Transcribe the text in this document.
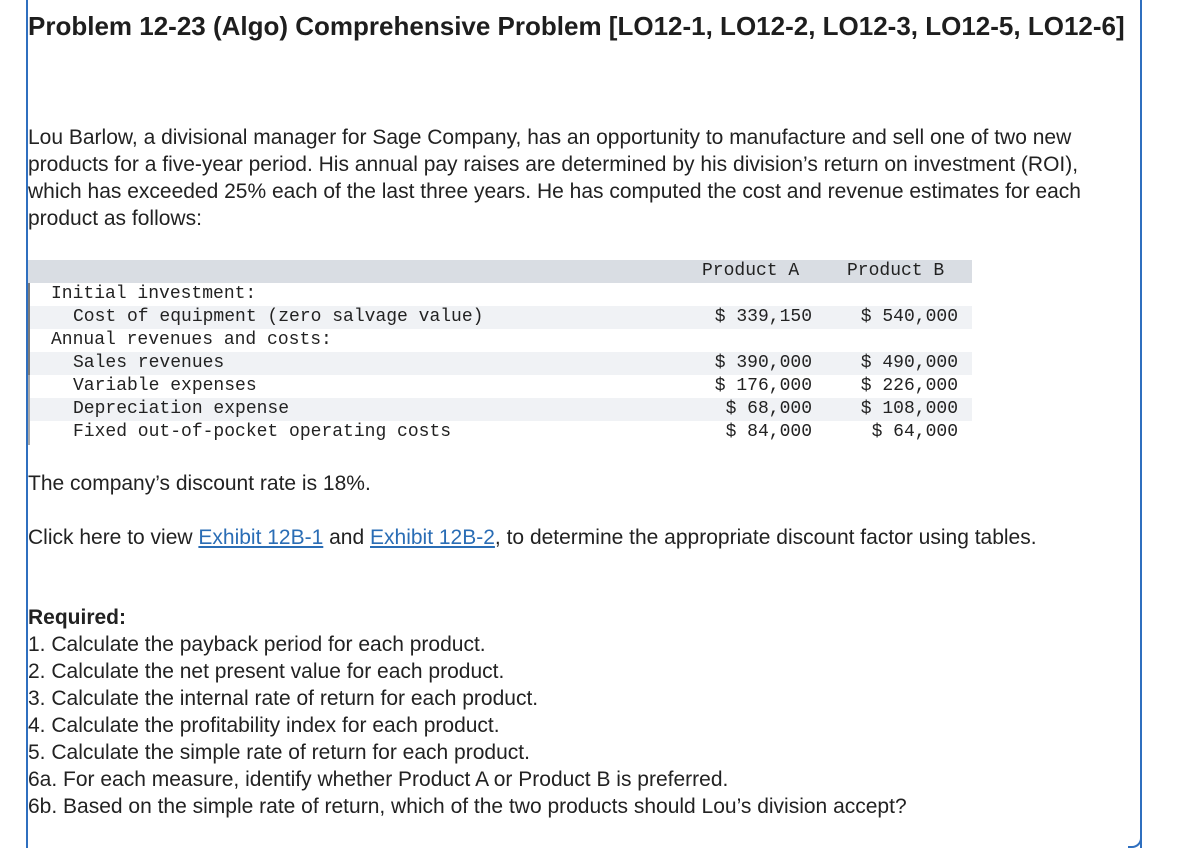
Problem 12-23 (Algo) Comprehensive Problem [LO12-1, LO12-2, LO12-3, LO12-5, LO12-6]

Lou Barlow, a divisional manager for Sage Company, has an opportunity to manufacture and sell one of two new products for a five-year period. His annual pay raises are determined by his division’s return on investment (ROI), which has exceeded 25% each of the last three years. He has computed the cost and revenue estimates for each product as follows:

Product A	Product B
Initial investment:
Cost of equipment (zero salvage value)	$ 339,150	$ 540,000
Annual revenues and costs:
Sales revenues	$ 390,000	$ 490,000
Variable expenses	$ 176,000	$ 226,000
Depreciation expense	$ 68,000	$ 108,000
Fixed out-of-pocket operating costs	$ 84,000	$ 64,000

The company’s discount rate is 18%.

Click here to view Exhibit 12B-1 and Exhibit 12B-2, to determine the appropriate discount factor using tables.

Required:

1. Calculate the payback period for each product.
2. Calculate the net present value for each product.
3. Calculate the internal rate of return for each product.
4. Calculate the profitability index for each product.
5. Calculate the simple rate of return for each product.
6a. For each measure, identify whether Product A or Product B is preferred.
6b. Based on the simple rate of return, which of the two products should Lou’s division accept?
